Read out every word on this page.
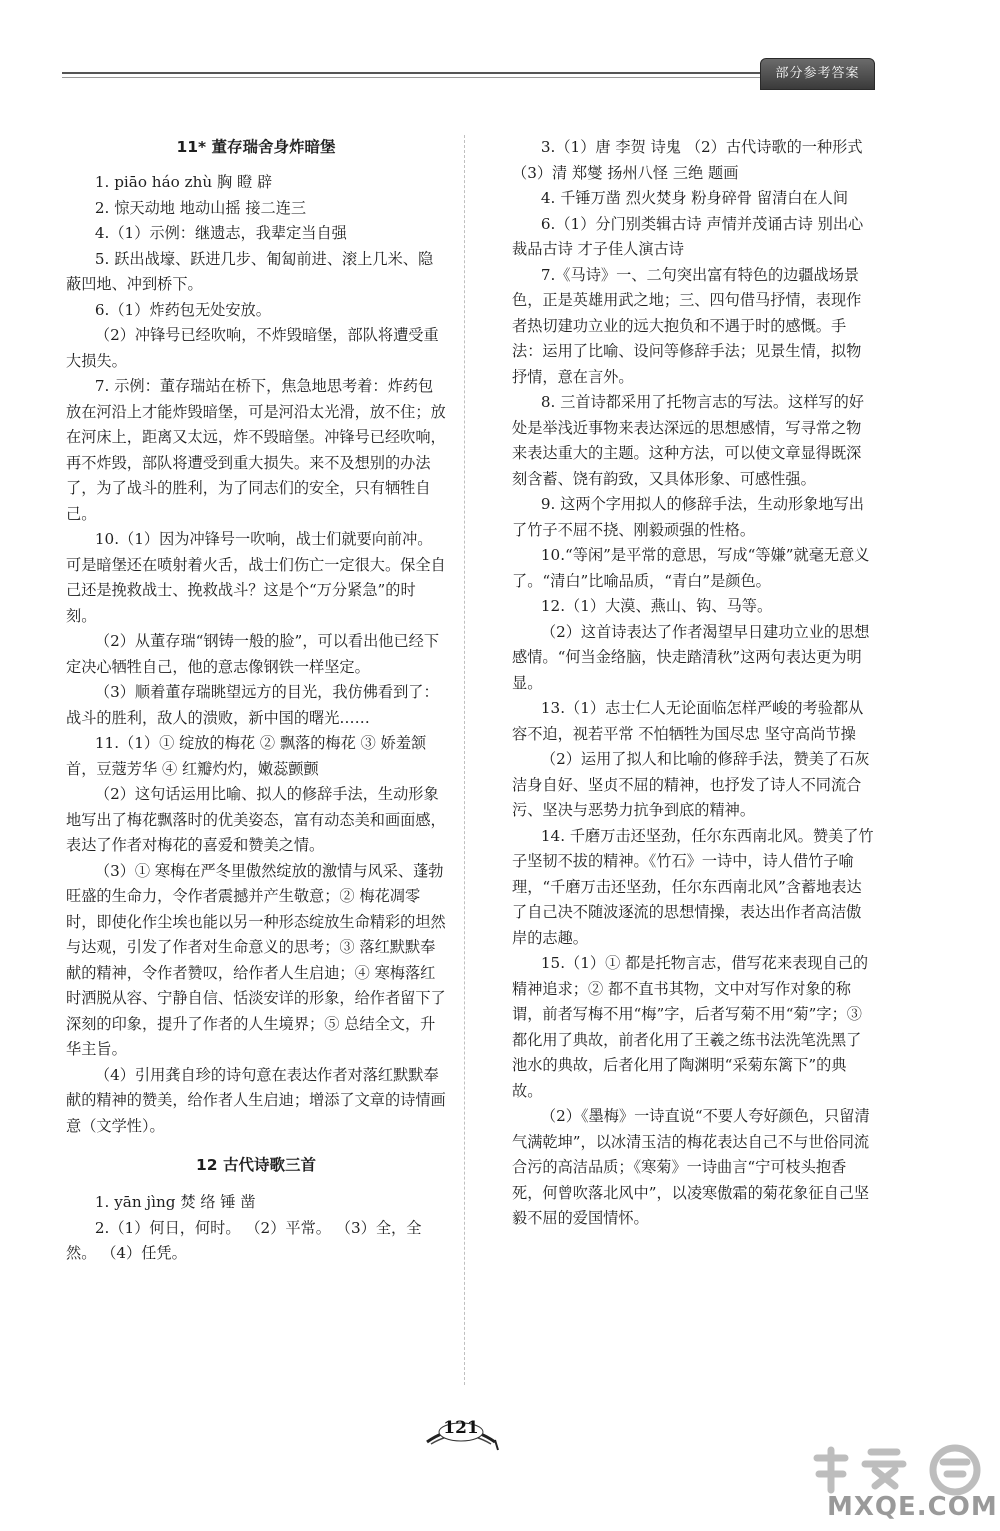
部分参考答案
11* 董存瑞舍身炸暗堡

1. piāo háo zhù 胸 瞪 辟

2. 惊天动地 地动山摇 接二连三

4.（1）示例：继遗志，我辈定当自强

5. 跃出战壕、跃进几步、匍匐前进、滚上几米、隐蔽凹地、冲到桥下。

6.（1）炸药包无处安放。

（2）冲锋号已经吹响，不炸毁暗堡，部队将遭受重大损失。

7. 示例：董存瑞站在桥下，焦急地思考着：炸药包放在河沿上才能炸毁暗堡，可是河沿太光滑，放不住；放在河床上，距离又太远，炸不毁暗堡。冲锋号已经吹响，再不炸毁，部队将遭受到重大损失。来不及想别的办法了，为了战斗的胜利，为了同志们的安全，只有牺牲自己。

10.（1）因为冲锋号一吹响，战士们就要向前冲。可是暗堡还在喷射着火舌，战士们伤亡一定很大。保全自己还是挽救战士、挽救战斗？这是个“万分紧急”的时刻。

（2）从董存瑞“钢铸一般的脸”，可以看出他已经下定决心牺牲自己，他的意志像钢铁一样坚定。

（3）顺着董存瑞眺望远方的目光，我仿佛看到了：战斗的胜利，敌人的溃败，新中国的曙光……

11.（1）① 绽放的梅花 ② 飘落的梅花 ③ 娇羞颔首，豆蔻芳华 ④ 红瓣灼灼，嫩蕊颤颤

（2）这句话运用比喻、拟人的修辞手法，生动形象地写出了梅花飘落时的优美姿态，富有动态美和画面感，表达了作者对梅花的喜爱和赞美之情。

（3）① 寒梅在严冬里傲然绽放的激情与风采、蓬勃旺盛的生命力，令作者震撼并产生敬意；② 梅花凋零时，即使化作尘埃也能以另一种形态绽放生命精彩的坦然与达观，引发了作者对生命意义的思考；③ 落红默默奉献的精神，令作者赞叹，给作者人生启迪；④ 寒梅落红时洒脱从容、宁静自信、恬淡安详的形象，给作者留下了深刻的印象，提升了作者的人生境界；⑤ 总结全文，升华主旨。

（4）引用龚自珍的诗句意在表达作者对落红默默奉献的精神的赞美，给作者人生启迪；增添了文章的诗情画意（文学性）。

12 古代诗歌三首

1. yān jìng 焚 络 锤 凿

2.（1）何日，何时。 （2）平常。 （3）全，全然。 （4）任凭。

3.（1）唐 李贺 诗鬼 （2）古代诗歌的一种形式 （3）清 郑燮 扬州八怪 三绝 题画

4. 千锤万凿 烈火焚身 粉身碎骨 留清白在人间

6.（1）分门别类辑古诗 声情并茂诵古诗 别出心裁品古诗 才子佳人演古诗

7.《马诗》一、二句突出富有特色的边疆战场景色，正是英雄用武之地；三、四句借马抒情，表现作者热切建功立业的远大抱负和不遇于时的感慨。手法：运用了比喻、设问等修辞手法；见景生情，拟物抒情，意在言外。

8. 三首诗都采用了托物言志的写法。这样写的好处是举浅近事物来表达深远的思想感情，写寻常之物来表达重大的主题。这种方法，可以使文章显得既深刻含蓄、饶有韵致，又具体形象、可感性强。

9. 这两个字用拟人的修辞手法，生动形象地写出了竹子不屈不挠、刚毅顽强的性格。

10.“等闲”是平常的意思，写成“等嫌”就毫无意义了。“清白”比喻品质，“青白”是颜色。

12.（1）大漠、燕山、钩、马等。

（2）这首诗表达了作者渴望早日建功立业的思想感情。“何当金络脑，快走踏清秋”这两句表达更为明显。

13.（1）志士仁人无论面临怎样严峻的考验都从容不迫，视若平常 不怕牺牲为国尽忠 坚守高尚节操

（2）运用了拟人和比喻的修辞手法，赞美了石灰洁身自好、坚贞不屈的精神，也抒发了诗人不同流合污、坚决与恶势力抗争到底的精神。

14. 千磨万击还坚劲，任尔东西南北风。赞美了竹子坚韧不拔的精神。《竹石》一诗中，诗人借竹子喻理，“千磨万击还坚劲，任尔东西南北风”含蓄地表达了自己决不随波逐流的思想情操，表达出作者高洁傲岸的志趣。

15.（1）① 都是托物言志，借写花来表现自己的精神追求；② 都不直书其物，文中对写作对象的称谓，前者写梅不用“梅”字，后者写菊不用“菊”字；③ 都化用了典故，前者化用了王羲之练书法洗笔洗黑了池水的典故，后者化用了陶渊明“采菊东篱下”的典故。

（2）《墨梅》一诗直说“不要人夸好颜色，只留清气满乾坤”，以冰清玉洁的梅花表达自己不与世俗同流合污的高洁品质；《寒菊》一诗曲言“宁可枝头抱香死，何曾吹落北风中”，以凌寒傲霜的菊花象征自己坚毅不屈的爱国情怀。

121
MXQE.COM
